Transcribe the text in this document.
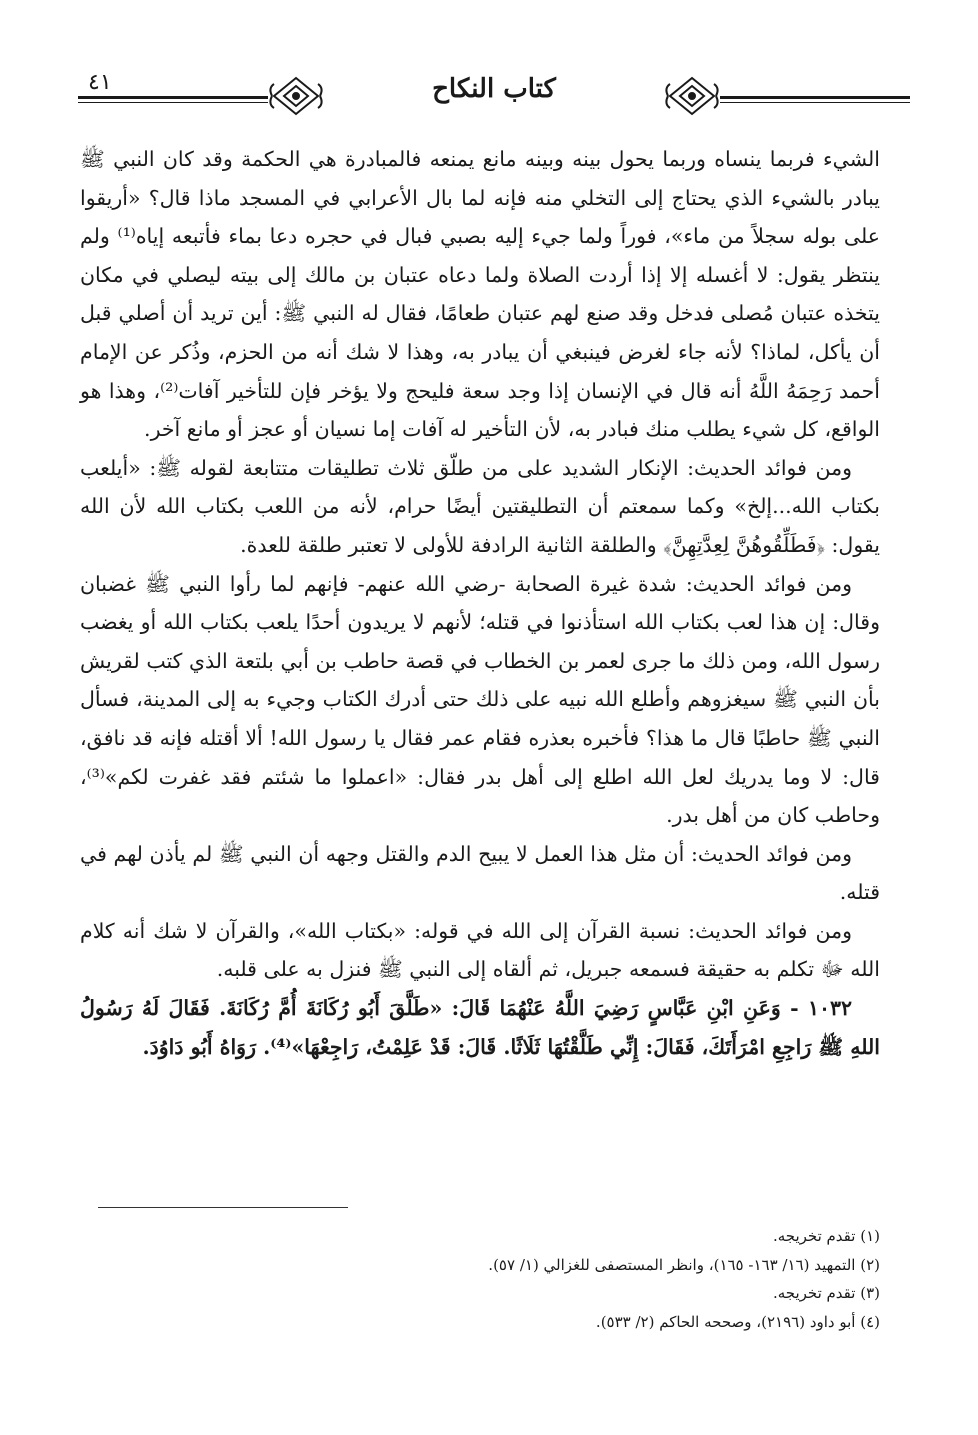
٤١	كتاب النكاح

الشيء فربما ينساه وربما يحول بينه وبينه مانع يمنعه فالمبادرة هي الحكمة وقد كان النبي ﷺ يبادر بالشيء الذي يحتاج إلى التخلي منه فإنه لما بال الأعرابي في المسجد ماذا قال؟ «أريقوا على بوله سجلاً من ماء»، فوراً ولما جيء إليه بصبي فبال في حجره دعا بماء فأتبعه إياه⁽¹⁾ ولم ينتظر يقول: لا أغسله إلا إذا أردت الصلاة ولما دعاه عتبان بن مالك إلى بيته ليصلي في مكان يتخذه عتبان مُصلى فدخل وقد صنع لهم عتبان طعامًا، فقال له النبي ﷺ: أين تريد أن أصلي قبل أن يأكل، لماذا؟ لأنه جاء لغرض فينبغي أن يبادر به، وهذا لا شك أنه من الحزم، وذُكر عن الإمام أحمد رَحِمَهُ اللَّهُ أنه قال في الإنسان إذا وجد سعة فليحج ولا يؤخر فإن للتأخير آفات⁽²⁾، وهذا هو الواقع، كل شيء يطلب منك فبادر به، لأن التأخير له آفات إما نسيان أو عجز أو مانع آخر.

ومن فوائد الحديث: الإنكار الشديد على من طلّق ثلاث تطليقات متتابعة لقوله ﷺ: «أيلعب بكتاب الله...إلخ» وكما سمعتم أن التطليقتين أيضًا حرام، لأنه من اللعب بكتاب الله لأن الله يقول: ﴿فَطَلِّقُوهُنَّ لِعِدَّتِهِنَّ﴾ والطلقة الثانية الرادفة للأولى لا تعتبر طلقة للعدة.

ومن فوائد الحديث: شدة غيرة الصحابة -رضي الله عنهم- فإنهم لما رأوا النبي ﷺ غضبان وقال: إن هذا لعب بكتاب الله استأذنوا في قتله؛ لأنهم لا يريدون أحدًا يلعب بكتاب الله أو يغضب رسول الله، ومن ذلك ما جرى لعمر بن الخطاب في قصة حاطب بن أبي بلتعة الذي كتب لقريش بأن النبي ﷺ سيغزوهم وأطلع الله نبيه على ذلك حتى أدرك الكتاب وجيء به إلى المدينة، فسأل النبي ﷺ حاطبًا قال ما هذا؟ فأخبره بعذره فقام عمر فقال يا رسول الله! ألا أقتله فإنه قد نافق، قال: لا وما يدريك لعل الله اطلع إلى أهل بدر فقال: «اعملوا ما شئتم فقد غفرت لكم»⁽³⁾، وحاطب كان من أهل بدر.

ومن فوائد الحديث: أن مثل هذا العمل لا يبيح الدم والقتل وجهه أن النبي ﷺ لم يأذن لهم في قتله.

ومن فوائد الحديث: نسبة القرآن إلى الله في قوله: «بكتاب الله»، والقرآن لا شك أنه كلام الله ﷻ تكلم به حقيقة فسمعه جبريل، ثم ألقاه إلى النبي ﷺ فنزل به على قلبه.

١٠٣٢ - وَعَنِ ابْنِ عَبَّاسٍ رَضِيَ اللَّهُ عَنْهُمَا قَالَ: «طَلَّقَ أَبُو رُكَانَةَ أُمَّ رُكَانَةَ. فَقَالَ لَهُ رَسُولُ اللهِ ﷺ رَاجِعِ امْرَأَتَكَ، فَقَالَ: إِنِّي طَلَّقْتُهَا ثَلَاثًا. قَالَ: قَدْ عَلِمْتُ، رَاجِعْهَا»⁽⁴⁾. رَوَاهُ أَبُو دَاوُدَ.

(١) تقدم تخريجه.
(٢) التمهيد (١٦/ ١٦٣- ١٦٥)، وانظر المستصفى للغزالي (١/ ٥٧).
(٣) تقدم تخريجه.
(٤) أبو داود (٢١٩٦)، وصححه الحاكم (٢/ ٥٣٣).
